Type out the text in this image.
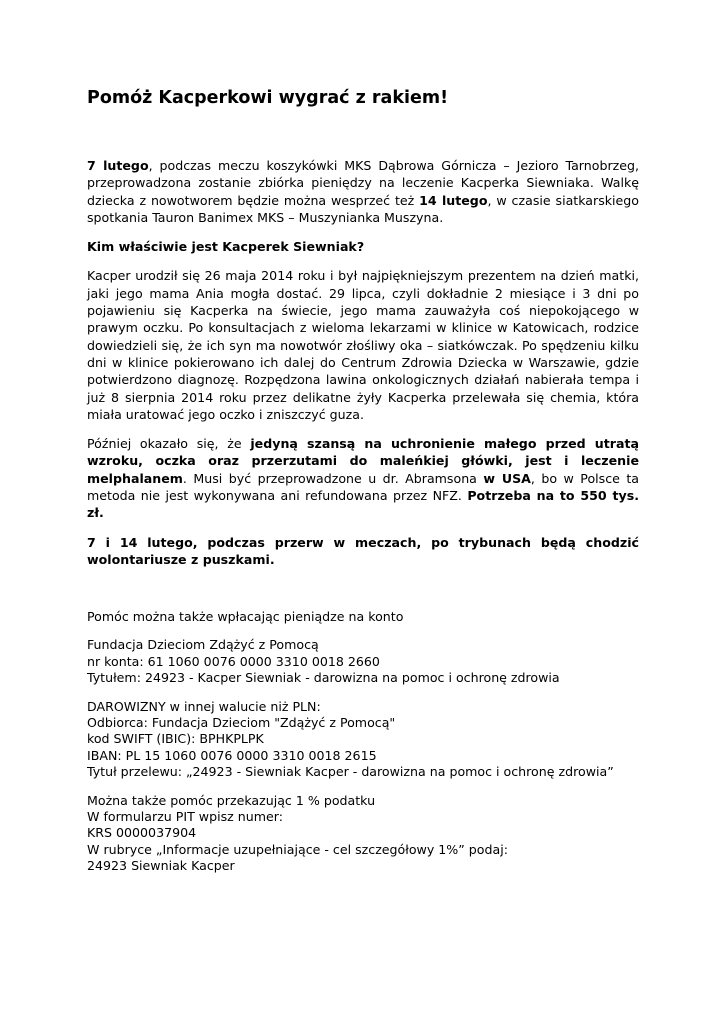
Pomóż Kacperkowi wygrać z rakiem!

7 lutego, podczas meczu koszykówki MKS Dąbrowa Górnicza – Jezioro Tarnobrzeg, przeprowadzona zostanie zbiórka pieniędzy na leczenie Kacperka Siewniaka. Walkę dziecka z nowotworem będzie można wesprzeć też 14 lutego, w czasie siatkarskiego spotkania Tauron Banimex MKS – Muszynianka Muszyna.

Kim właściwie jest Kacperek Siewniak?

Kacper urodził się 26 maja 2014 roku i był najpiękniejszym prezentem na dzień matki, jaki jego mama Ania mogła dostać. 29 lipca, czyli dokładnie 2 miesiące i 3 dni po pojawieniu się Kacperka na świecie, jego mama zauważyła coś niepokojącego w prawym oczku. Po konsultacjach z wieloma lekarzami w klinice w Katowicach, rodzice dowiedzieli się, że ich syn ma nowotwór złośliwy oka – siatkówczak. Po spędzeniu kilku dni w klinice pokierowano ich dalej do Centrum Zdrowia Dziecka w Warszawie, gdzie potwierdzono diagnozę. Rozpędzona lawina onkologicznych działań nabierała tempa i już 8 sierpnia 2014 roku przez delikatne żyły Kacperka przelewała się chemia, która miała uratować jego oczko i zniszczyć guza.

Później okazało się, że jedyną szansą na uchronienie małego przed utratą wzroku, oczka oraz przerzutami do maleńkiej główki, jest i leczenie melphalanem. Musi być przeprowadzone u dr. Abramsona w USA, bo w Polsce ta metoda nie jest wykonywana ani refundowana przez NFZ. Potrzeba na to 550 tys. zł.

7 i 14 lutego, podczas przerw w meczach, po trybunach będą chodzić wolontariusze z puszkami.

Pomóc można także wpłacając pieniądze na konto
Fundacja Dzieciom Zdążyć z Pomocą
nr konta: 61 1060 0076 0000 3310 0018 2660
Tytułem: 24923 - Kacper Siewniak - darowizna na pomoc i ochronę zdrowia
DAROWIZNY w innej walucie niż PLN:
Odbiorca: Fundacja Dzieciom "Zdążyć z Pomocą"
kod SWIFT (IBIC): BPHKPLPK
IBAN: PL 15 1060 0076 0000 3310 0018 2615
Tytuł przelewu: „24923 - Siewniak Kacper - darowizna na pomoc i ochronę zdrowia”
Można także pomóc przekazując 1 % podatku
W formularzu PIT wpisz numer:
KRS 0000037904
W rubryce „Informacje uzupełniające - cel szczegółowy 1%” podaj:
24923 Siewniak Kacper
